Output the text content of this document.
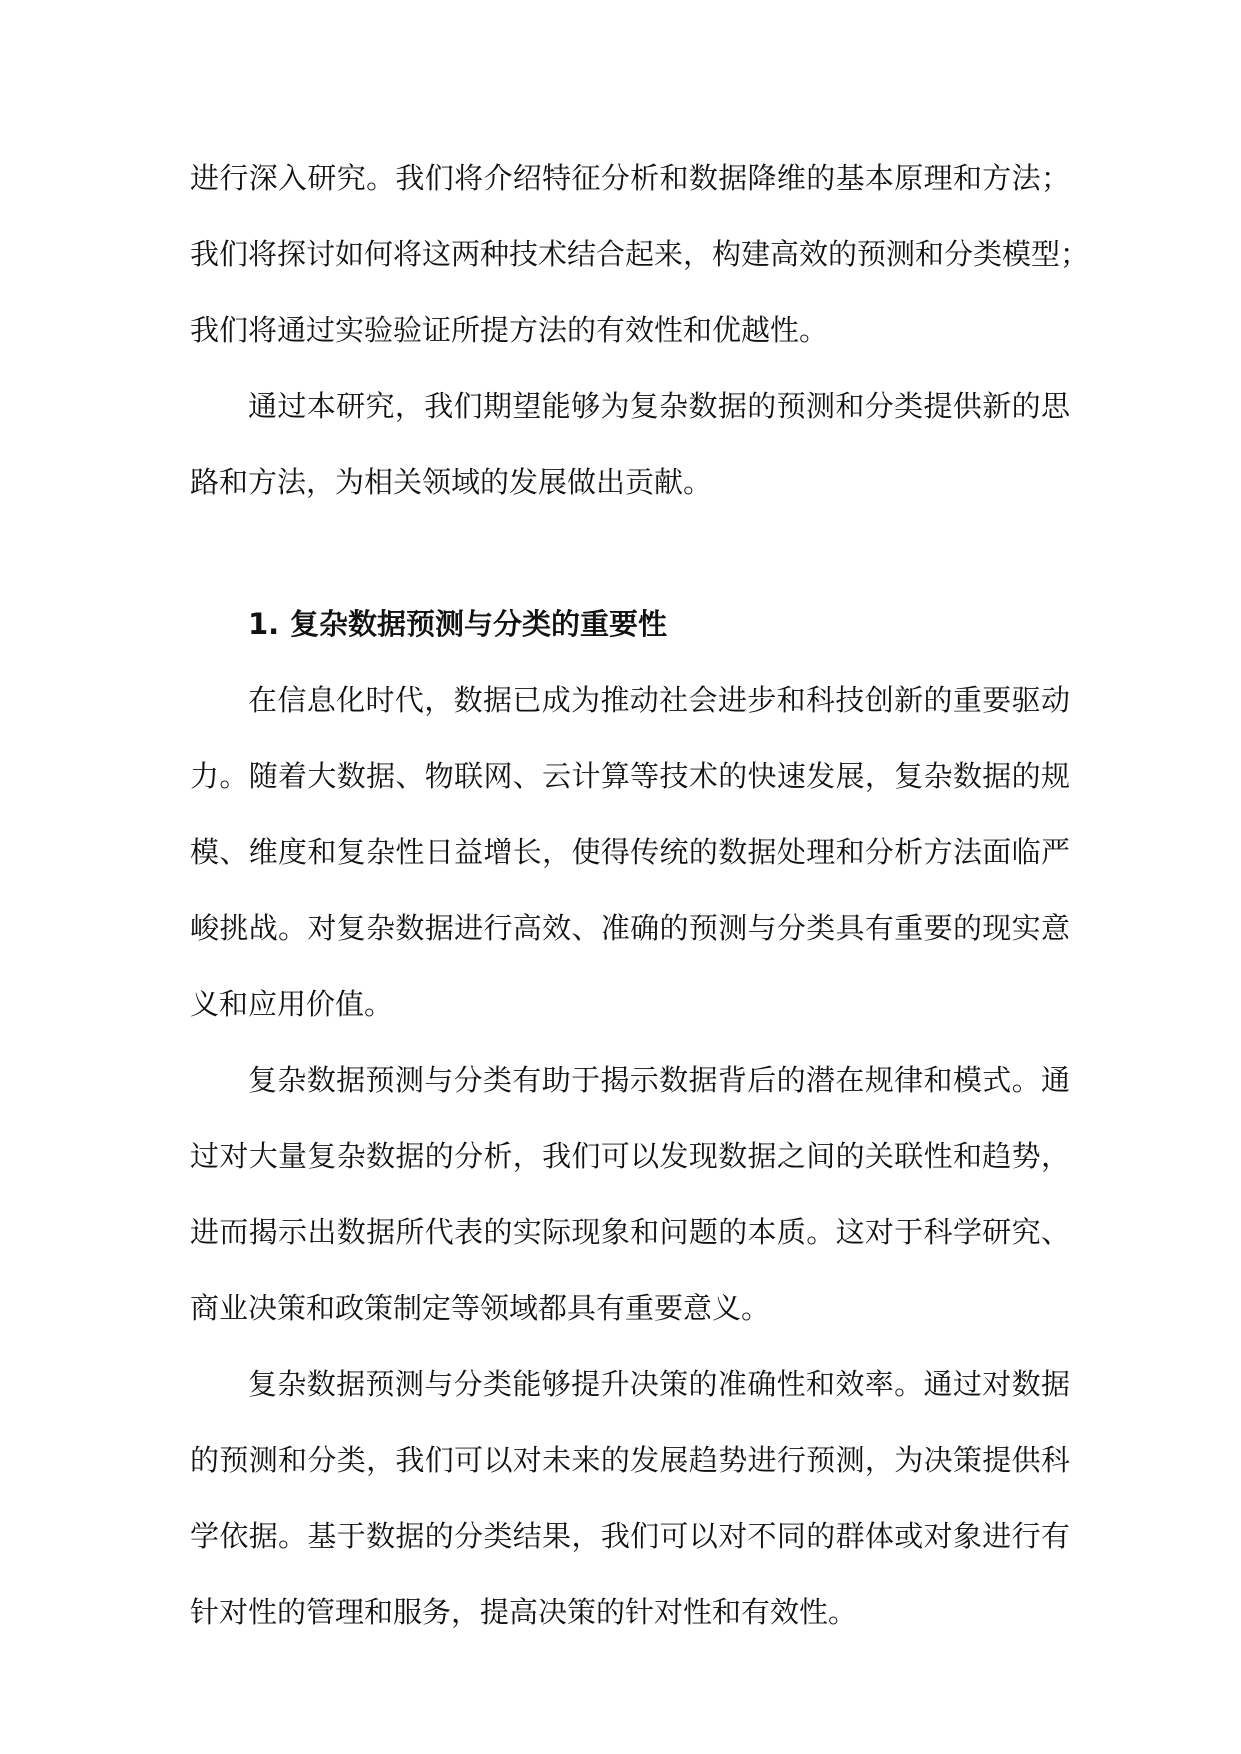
进行深入研究。我们将介绍特征分析和数据降维的基本原理和方法；
我们将探讨如何将这两种技术结合起来，构建高效的预测和分类模型；
我们将通过实验验证所提方法的有效性和优越性。
通过本研究，我们期望能够为复杂数据的预测和分类提供新的思
路和方法，为相关领域的发展做出贡献。
1. 复杂数据预测与分类的重要性
在信息化时代，数据已成为推动社会进步和科技创新的重要驱动
力。随着大数据、物联网、云计算等技术的快速发展，复杂数据的规
模、维度和复杂性日益增长，使得传统的数据处理和分析方法面临严
峻挑战。对复杂数据进行高效、准确的预测与分类具有重要的现实意
义和应用价值。
复杂数据预测与分类有助于揭示数据背后的潜在规律和模式。通
过对大量复杂数据的分析，我们可以发现数据之间的关联性和趋势，
进而揭示出数据所代表的实际现象和问题的本质。这对于科学研究、
商业决策和政策制定等领域都具有重要意义。
复杂数据预测与分类能够提升决策的准确性和效率。通过对数据
的预测和分类，我们可以对未来的发展趋势进行预测，为决策提供科
学依据。基于数据的分类结果，我们可以对不同的群体或对象进行有
针对性的管理和服务，提高决策的针对性和有效性。
